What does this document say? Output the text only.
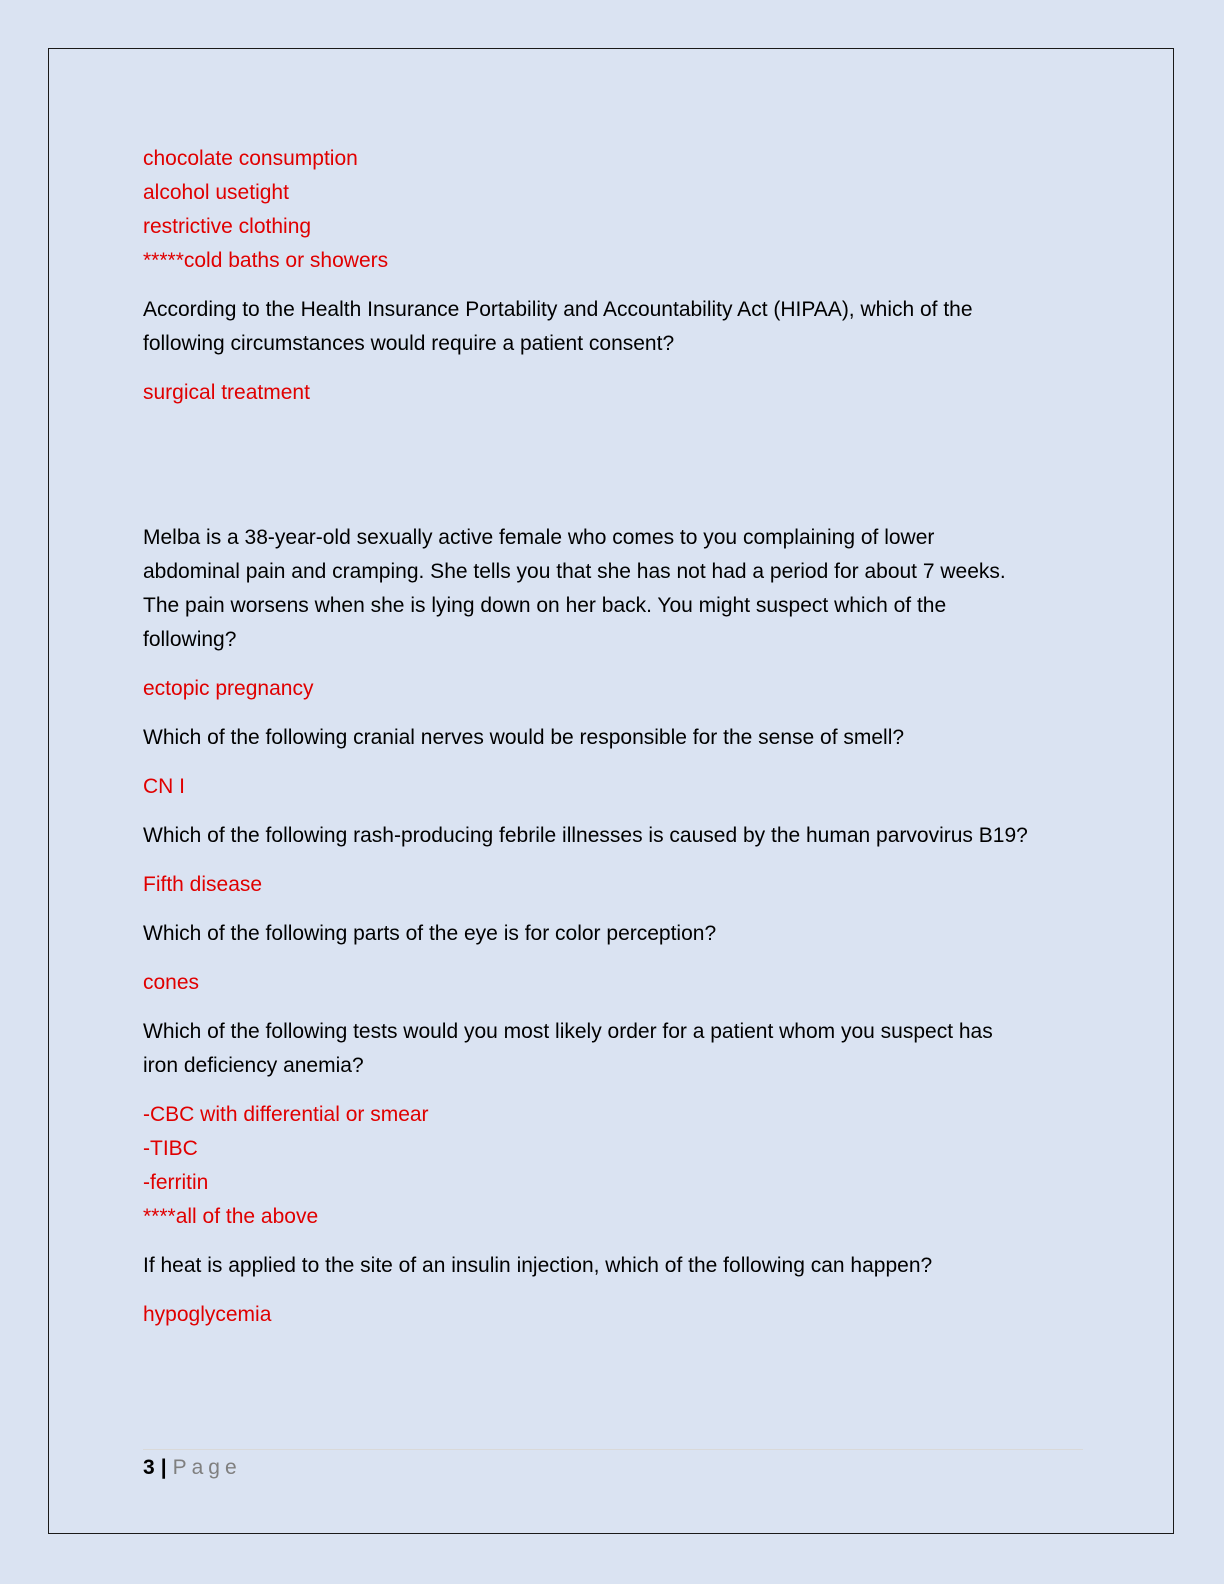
chocolate consumption

alcohol usetight

restrictive clothing

*****cold baths or showers

According to the Health Insurance Portability and Accountability Act (HIPAA), which of the

following circumstances would require a patient consent?

surgical treatment

Melba is a 38-year-old sexually active female who comes to you complaining of lower

abdominal pain and cramping. She tells you that she has not had a period for about 7 weeks.

The pain worsens when she is lying down on her back. You might suspect which of the

following?

ectopic pregnancy

Which of the following cranial nerves would be responsible for the sense of smell?

CN I

Which of the following rash-producing febrile illnesses is caused by the human parvovirus B19?

Fifth disease

Which of the following parts of the eye is for color perception?

cones

Which of the following tests would you most likely order for a patient whom you suspect has

iron deficiency anemia?

-CBC with differential or smear

-TIBC

-ferritin

****all of the above

If heat is applied to the site of an insulin injection, which of the following can happen?

hypoglycemia

3 | Page
